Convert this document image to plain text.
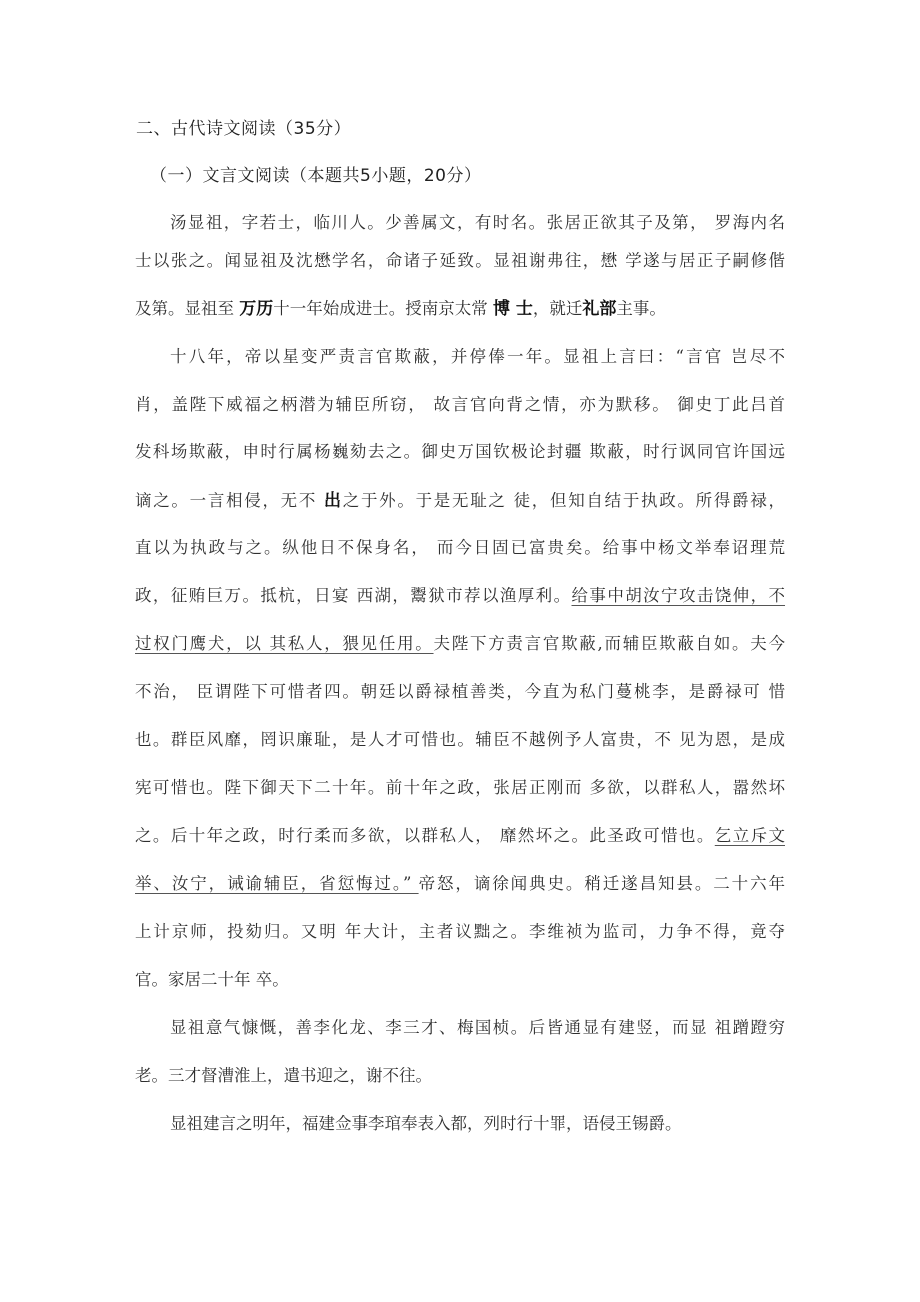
二、古代诗文阅读（35分）
（一）文言文阅读（本题共5小题，20分）
汤显祖，字若士，临川人。少善属文，有时名。张居正欲其子及第， 罗海内名
士以张之。闻显祖及沈懋学名，命诸子延致。显祖谢弗往，懋 学遂与居正子嗣修偕
及第。显祖至 万历十一年始成进士。授南京太常 博 士，就迁礼部主事。
十八年，帝以星变严责言官欺蔽，并停俸一年。显祖上言曰：“言官 岂尽不
肖，盖陛下威福之柄潜为辅臣所窃， 故言官向背之情，亦为默移。 御史丁此吕首
发科场欺蔽，申时行属杨巍劾去之。御史万国钦极论封疆 欺蔽，时行讽同官许国远
谪之。一言相侵，无不 出之于外。于是无耻之 徒，但知自结于执政。所得爵禄，
直以为执政与之。纵他日不保身名， 而今日固已富贵矣。给事中杨文举奉诏理荒
政，征贿巨万。抵杭，日宴 西湖，鬻狱市荐以渔厚利。给事中胡汝宁攻击饶伸，不
过权门鹰犬，以 其私人，猥见任用。夫陛下方责言官欺蔽,而辅臣欺蔽自如。夫今
不治， 臣谓陛下可惜者四。朝廷以爵禄植善类，今直为私门蔓桃李，是爵禄可 惜
也。群臣风靡，罔识廉耻，是人才可惜也。辅臣不越例予人富贵，不 见为恩，是成
宪可惜也。陛下御天下二十年。前十年之政，张居正刚而 多欲，以群私人，嚣然坏
之。后十年之政，时行柔而多欲，以群私人， 靡然坏之。此圣政可惜也。乞立斥文
举、汝宁，诫谕辅臣，省愆悔过。” 帝怒，谪徐闻典史。稍迁遂昌知县。二十六年
上计京师，投劾归。又明 年大计，主者议黜之。李维祯为监司，力争不得，竟夺
官。家居二十年 卒。
显祖意气慷慨，善李化龙、李三才、梅国桢。后皆通显有建竖，而显 祖蹭蹬穷
老。三才督漕淮上，遣书迎之，谢不往。
显祖建言之明年，福建佥事李琯奉表入都，列时行十罪，语侵王锡爵。
